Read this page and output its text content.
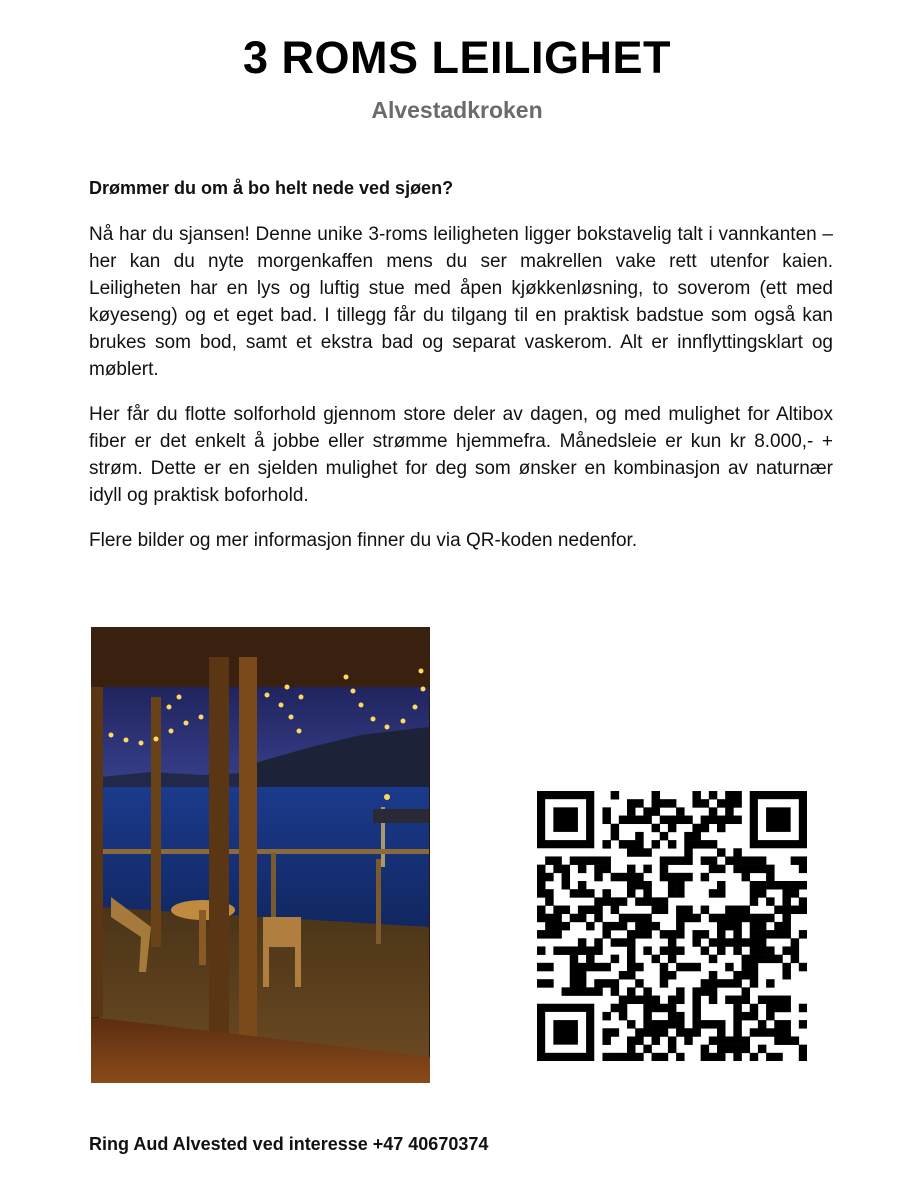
3 ROMS LEILIGHET
Alvestadkroken
Drømmer du om å bo helt nede ved sjøen?

Nå har du sjansen! Denne unike 3-roms leiligheten ligger bokstavelig talt i vannkanten – her kan du nyte morgenkaffen mens du ser makrellen vake rett utenfor kaien. Leiligheten har en lys og luftig stue med åpen kjøkkenløsning, to soverom (ett med køyeseng) og et eget bad. I tillegg får du tilgang til en praktisk badstue som også kan brukes som bod, samt et ekstra bad og separat vaskerom. Alt er innflyttingsklart og møblert.

Her får du flotte solforhold gjennom store deler av dagen, og med mulighet for Altibox fiber er det enkelt å jobbe eller strømme hjemmefra. Månedsleie er kun kr 8.000,- + strøm. Dette er en sjelden mulighet for deg som ønsker en kombinasjon av naturnær idyll og praktisk boforhold.

Flere bilder og mer informasjon finner du via QR-koden nedenfor.

Ring Aud Alvested ved interesse +47 40670374
